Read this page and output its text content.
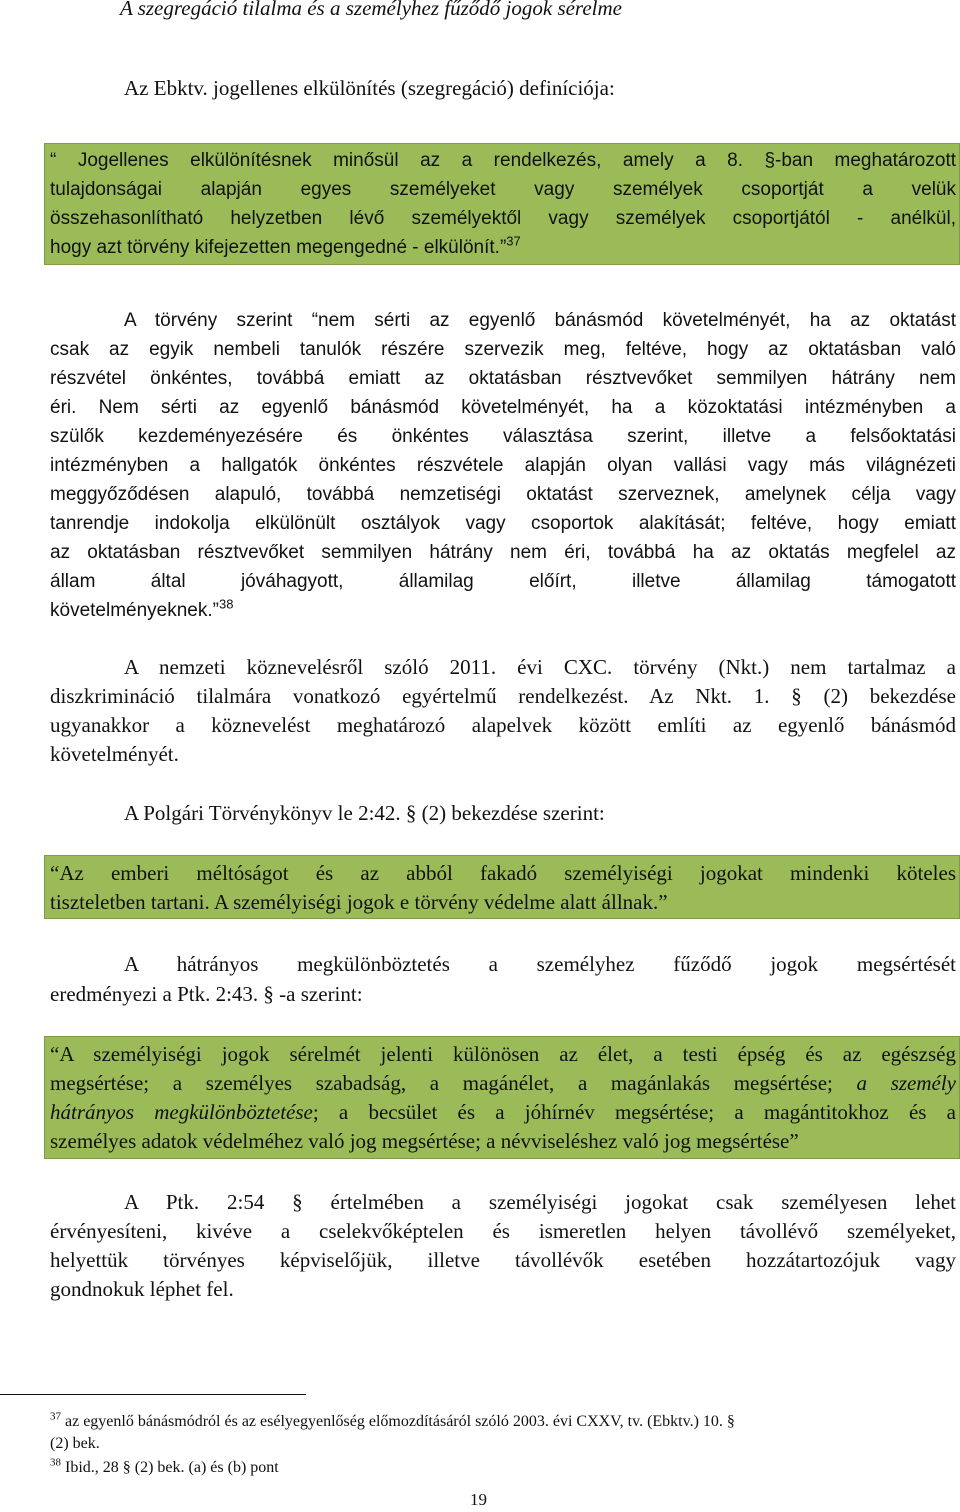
A szegregáció tilalma és a személyhez fűződő jogok sérelme
Az Ebktv. jogellenes elkülönítés (szegregáció) definíciója:
“ Jogellenes elkülönítésnek minősül az a rendelkezés, amely a 8. §-ban meghatározott
tulajdonságai alapján egyes személyeket vagy személyek csoportját a velük
összehasonlítható helyzetben lévő személyektől vagy személyek csoportjától - anélkül,
hogy azt törvény kifejezetten megengedné - elkülönít.”$^{37}$
A törvény szerint “nem sérti az egyenlő bánásmód követelményét, ha az oktatást
csak az egyik nembeli tanulók részére szervezik meg, feltéve, hogy az oktatásban való
részvétel önkéntes, továbbá emiatt az oktatásban résztvevőket semmilyen hátrány nem
éri. Nem sérti az egyenlő bánásmód követelményét, ha a közoktatási intézményben a
szülők kezdeményezésére és önkéntes választása szerint, illetve a felsőoktatási
intézményben a hallgatók önkéntes részvétele alapján olyan vallási vagy más világnézeti
meggyőződésen alapuló, továbbá nemzetiségi oktatást szerveznek, amelynek célja vagy
tanrendje indokolja elkülönült osztályok vagy csoportok alakítását; feltéve, hogy emiatt
az oktatásban résztvevőket semmilyen hátrány nem éri, továbbá ha az oktatás megfelel az
állam által jóváhagyott, államilag előírt, illetve államilag támogatott
követelményeknek.”$^{38}$
A nemzeti köznevelésről szóló 2011. évi CXC. törvény (Nkt.) nem tartalmaz a
diszkrimináció tilalmára vonatkozó egyértelmű rendelkezést. Az Nkt. 1. § (2) bekezdése
ugyanakkor a köznevelést meghatározó alapelvek között említi az egyenlő bánásmód
követelményét.
A Polgári Törvénykönyv le 2:42. § (2) bekezdése szerint:
“Az emberi méltóságot és az abból fakadó személyiségi jogokat mindenki köteles
tiszteletben tartani. A személyiségi jogok e törvény védelme alatt állnak.”
A hátrányos megkülönböztetés a személyhez fűződő jogok megsértését
eredményezi a Ptk. 2:43. § -a szerint:
“A személyiségi jogok sérelmét jelenti különösen az élet, a testi épség és az egészség
megsértése; a személyes szabadság, a magánélet, a magánlakás megsértése; a személy
hátrányos megkülönböztetése; a becsület és a jóhírnév megsértése; a magántitokhoz és a
személyes adatok védelméhez való jog megsértése; a névviseléshez való jog megsértése”
A Ptk. 2:54 § értelmében a személyiségi jogokat csak személyesen lehet
érvényesíteni, kivéve a cselekvőképtelen és ismeretlen helyen távollévő személyeket,
helyettük törvényes képviselőjük, illetve távollévők esetében hozzátartozójuk vagy
gondnokuk léphet fel.
$^{37}$ az egyenlő bánásmódról és az esélyegyenlőség előmozdításáról szóló 2003. évi CXXV, tv. (Ebktv.) 10. §
(2) bek.
$^{38}$ Ibid., 28 § (2) bek. (a) és (b) pont
19
